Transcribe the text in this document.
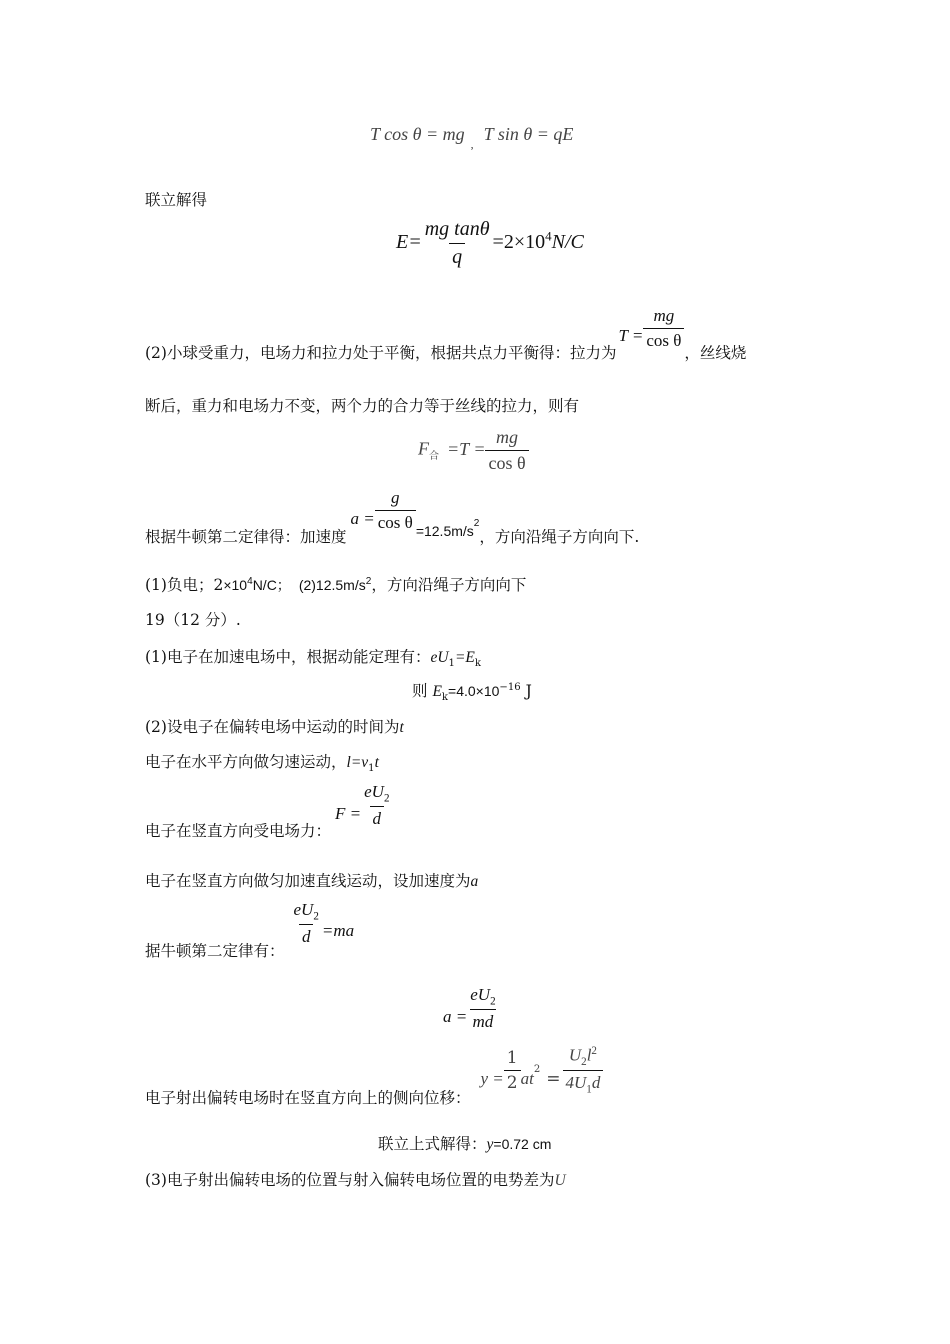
T cos θ = mg $_,$ T sin θ = qE
联立解得
$E= \frac{\text{mg tanθ}}{q} =2\times 10^4N/C$
(2)小球受重力，电场力和拉力处于平衡，根据共点力平衡得：拉力为$T = \frac{mg}{\text{cos θ}}$
，丝线烧
断后，重力和电场力不变，两个力的合力等于丝线的拉力，则有
$F_合 =T = \frac{mg}{\text{cos θ}}$
根据牛顿第二定律得：加速度$a = \frac{g}{\text{cos θ}} =12.5m/s^2$，方向沿绳子方向向下.
(1)负电；$2\times 10^4N/C$； $(2)12.5m/s^2$，方向沿绳子方向向下
19（12 分）.
(1)电子在加速电场中，根据动能定理有：$eU_1=E_k$
则 $E_k=4.0\times 10^{-16}$ J
(2)设电子在偏转电场中运动的时间为t
电子在水平方向做匀速运动，$l=v_1t$
电子在竖直方向受电场力：$F = \frac{eU_2}{d}$
电子在竖直方向做匀加速直线运动，设加速度为a
据牛顿第二定律有：
$\frac{eU_2}{d} =ma$
$a = \frac{eU_2}{md}$
电子射出偏转电场时在竖直方向上的侧向位移：$y = \frac{1}{2} at^2 = \frac{U_2l^2}{4U_1d}$
联立上式解得：y=0.72 cm
(3)电子射出偏转电场的位置与射入偏转电场位置的电势差为U
